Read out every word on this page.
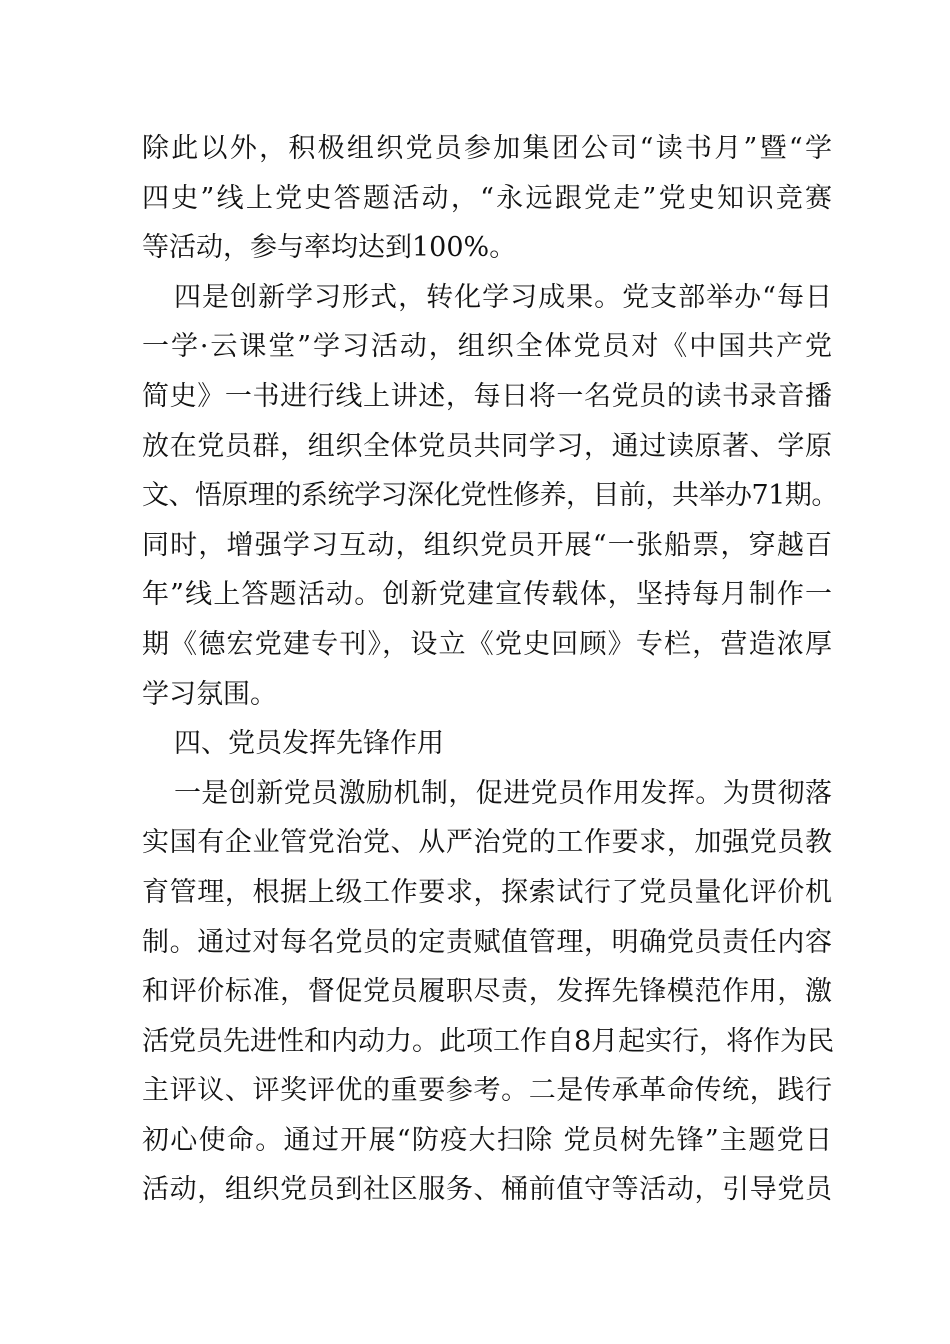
除此以外，积极组织党员参加集团公司“读书月”暨“学
四史”线上党史答题活动，“永远跟党走”党史知识竞赛
等活动，参与率均达到100%。
四是创新学习形式，转化学习成果。党支部举办“每日
一学·云课堂”学习活动，组织全体党员对《中国共产党
简史》一书进行线上讲述，每日将一名党员的读书录音播
放在党员群，组织全体党员共同学习，通过读原著、学原
文、悟原理的系统学习深化党性修养，目前，共举办71期。
同时，增强学习互动，组织党员开展“一张船票，穿越百
年”线上答题活动。创新党建宣传载体，坚持每月制作一
期《德宏党建专刊》，设立《党史回顾》专栏，营造浓厚
学习氛围。
四、党员发挥先锋作用
一是创新党员激励机制，促进党员作用发挥。为贯彻落
实国有企业管党治党、从严治党的工作要求，加强党员教
育管理，根据上级工作要求，探索试行了党员量化评价机
制。通过对每名党员的定责赋值管理，明确党员责任内容
和评价标准，督促党员履职尽责，发挥先锋模范作用，激
活党员先进性和内动力。此项工作自8月起实行，将作为民
主评议、评奖评优的重要参考。二是传承革命传统，践行
初心使命。通过开展“防疫大扫除 党员树先锋”主题党日
活动，组织党员到社区服务、桶前值守等活动，引导党员
